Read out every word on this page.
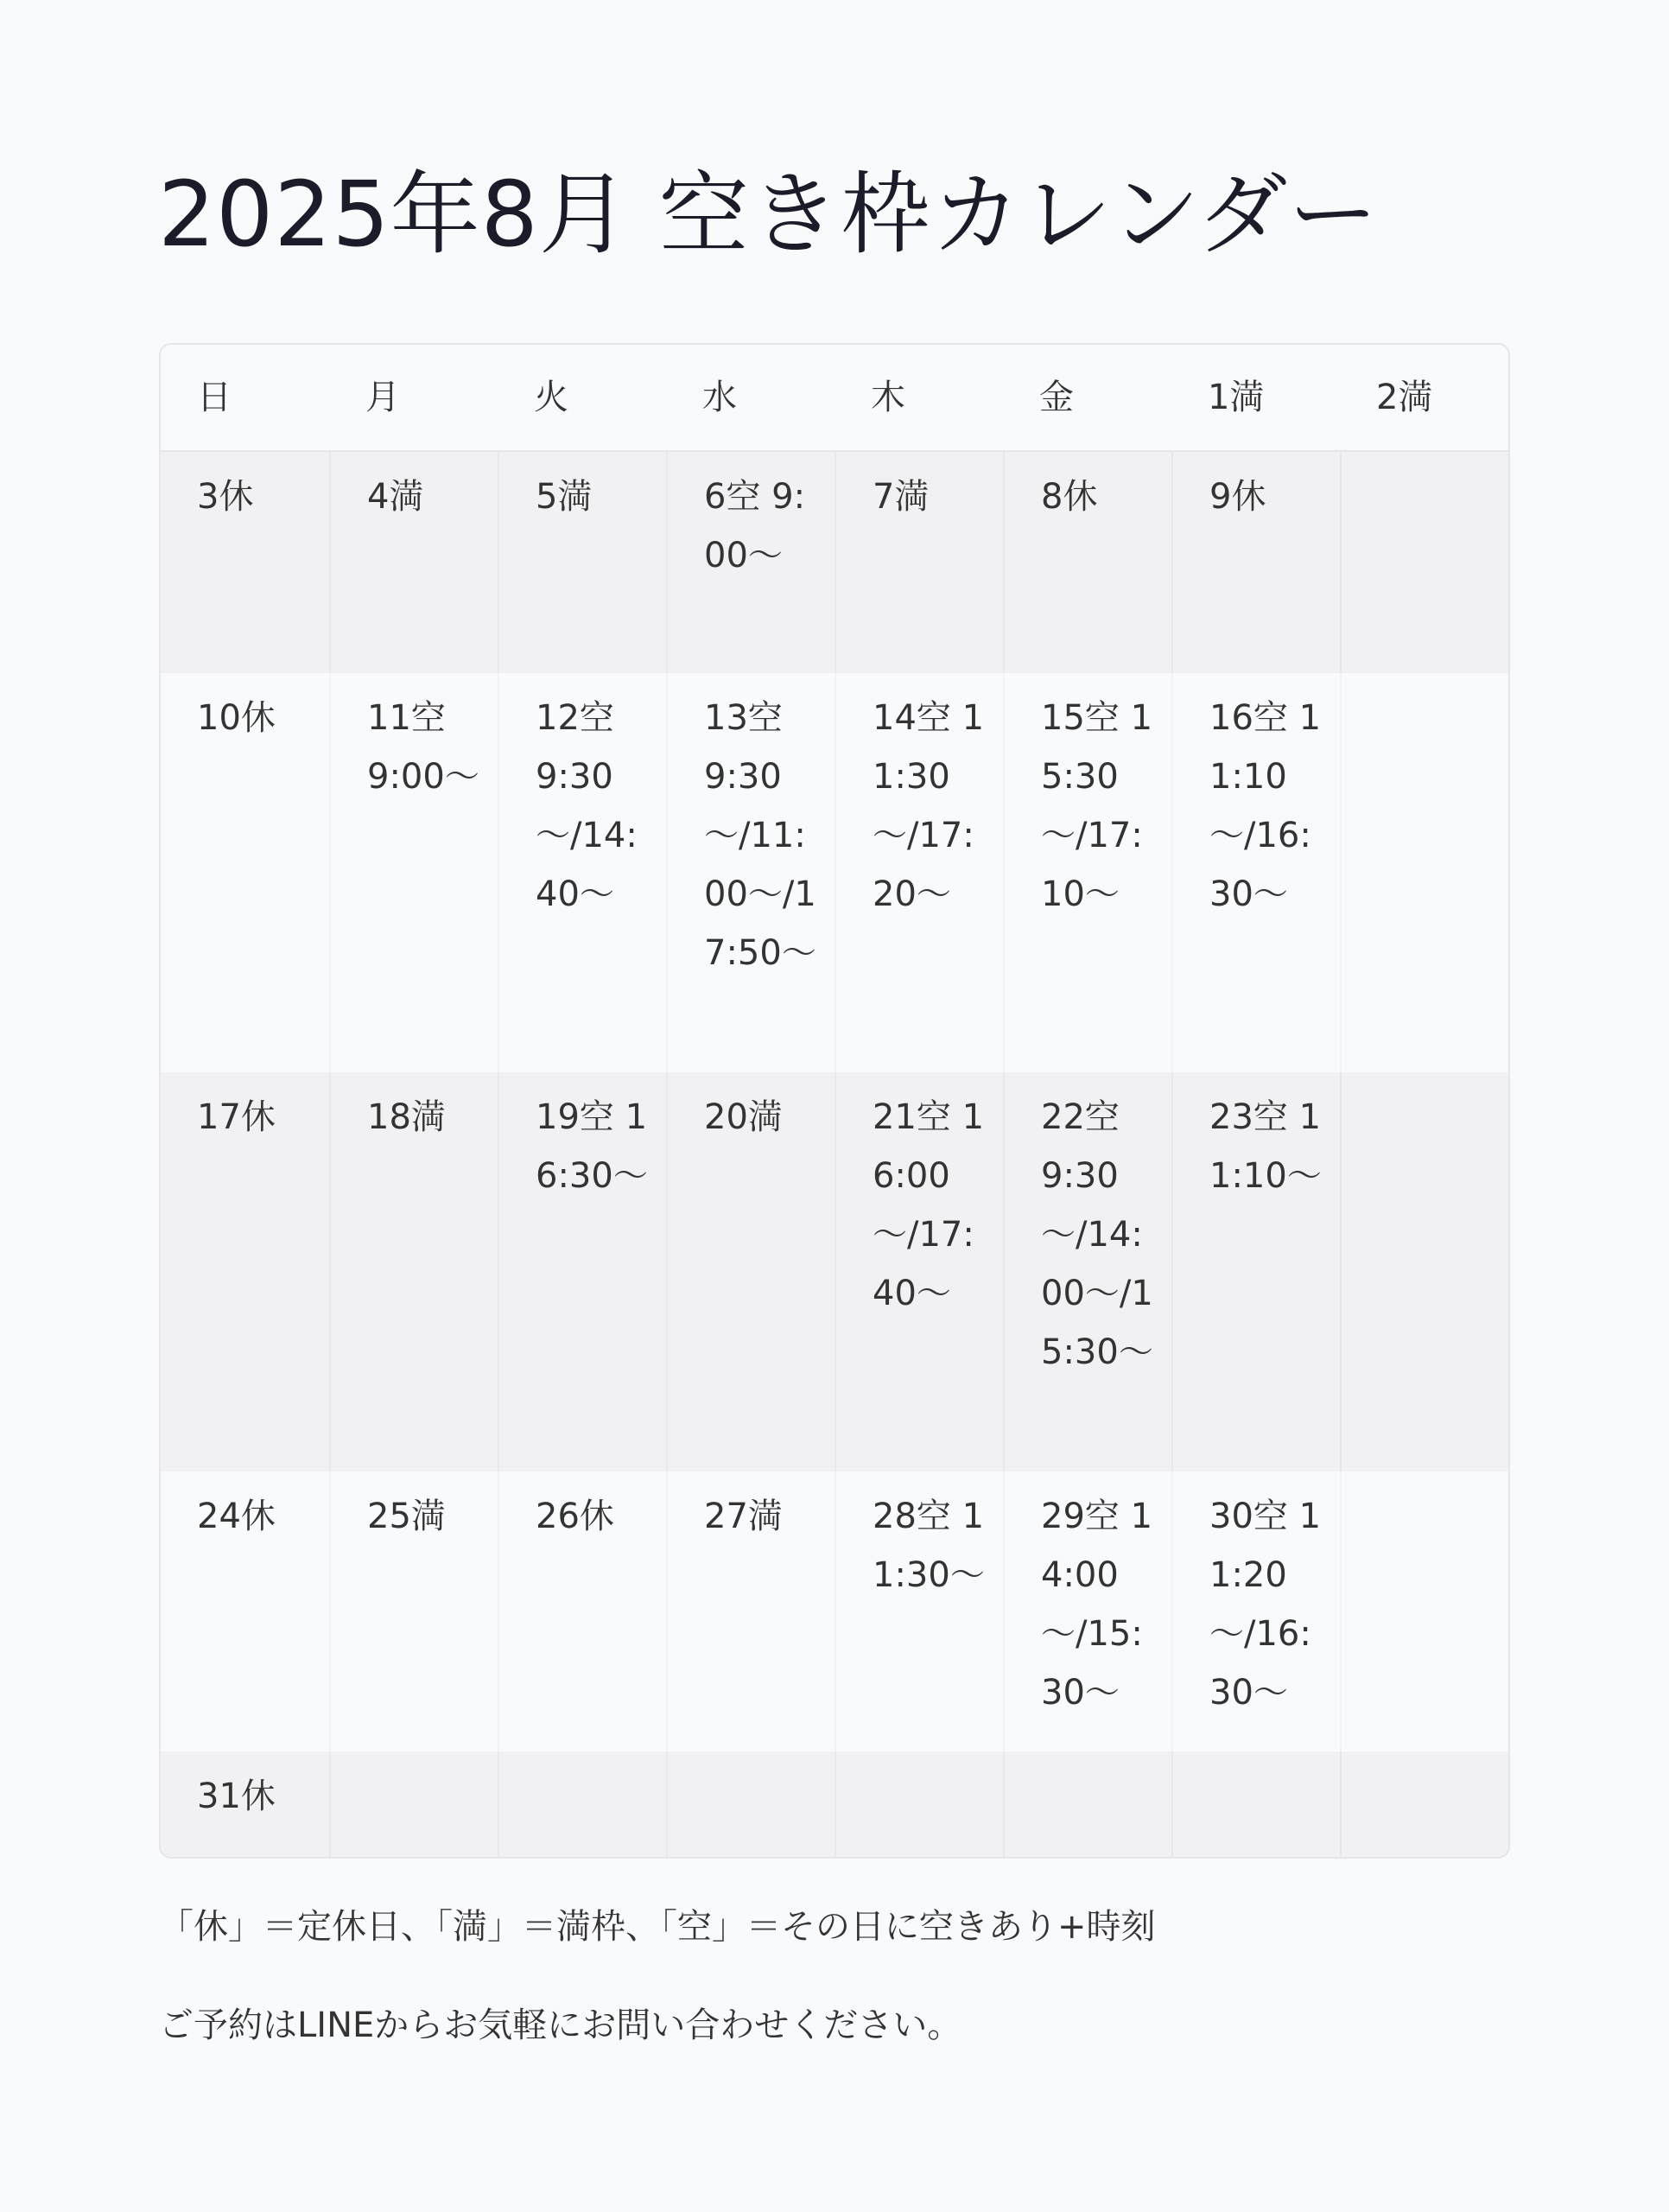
2025年8月 空き枠カレンダー
日	月	火	水	木	金	1満	2満
3休	4満	5満	6空 9:00～	7満	8休	9休	
10休	11空 9:00～	12空 9:30～/14:40～	13空 9:30～/11:00～/17:50～	14空 11:30～/17:20～	15空 15:30～/17:10～	16空 11:10～/16:30～	
17休	18満	19空 16:30～	20満	21空 16:00～/17:40～	22空 9:30～/14:00～/15:30～	23空 11:10～	
24休	25満	26休	27満	28空 11:30～	29空 14:00～/15:30～	30空 11:20～/16:30～	
31休							

「休」＝定休日、「満」＝満枠、「空」＝その日に空きあり+時刻

ご予約はLINEからお気軽にお問い合わせください。
